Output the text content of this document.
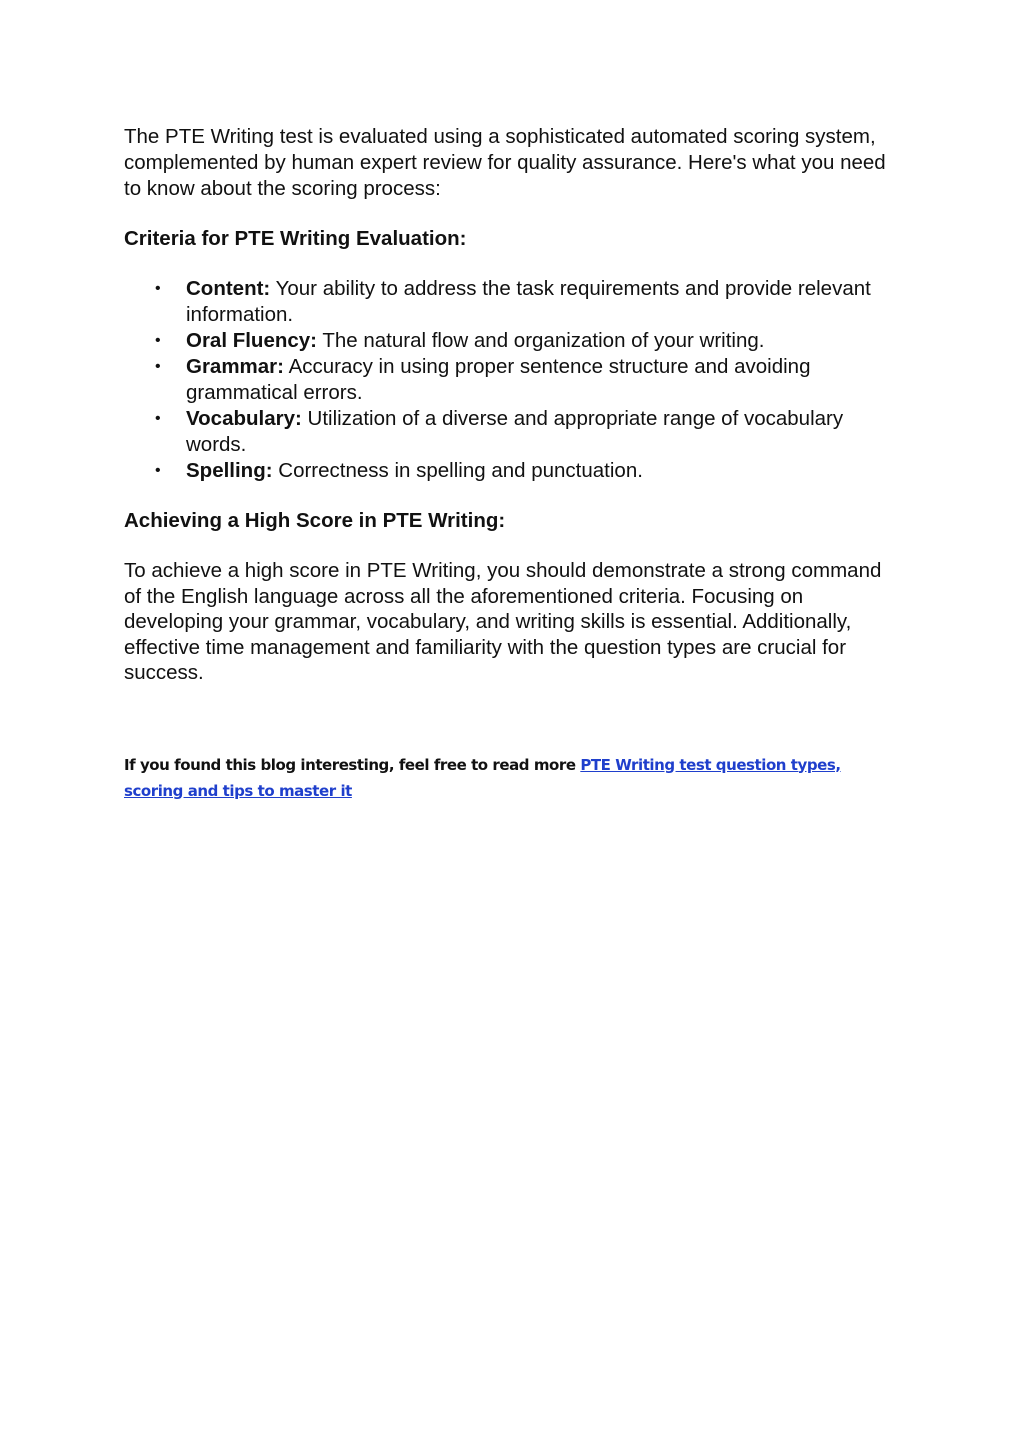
The PTE Writing test is evaluated using a sophisticated automated scoring system, complemented by human expert review for quality assurance. Here's what you need to know about the scoring process:

Criteria for PTE Writing Evaluation:
• Content: Your ability to address the task requirements and provide relevant information.
• Oral Fluency: The natural flow and organization of your writing.
• Grammar: Accuracy in using proper sentence structure and avoiding grammatical errors.
• Vocabulary: Utilization of a diverse and appropriate range of vocabulary words.
• Spelling: Correctness in spelling and punctuation.
Achieving a High Score in PTE Writing:

To achieve a high score in PTE Writing, you should demonstrate a strong command of the English language across all the aforementioned criteria. Focusing on developing your grammar, vocabulary, and writing skills is essential. Additionally, effective time management and familiarity with the question types are crucial for success.

If you found this blog interesting, feel free to read more PTE Writing test question types, scoring and tips to master it
